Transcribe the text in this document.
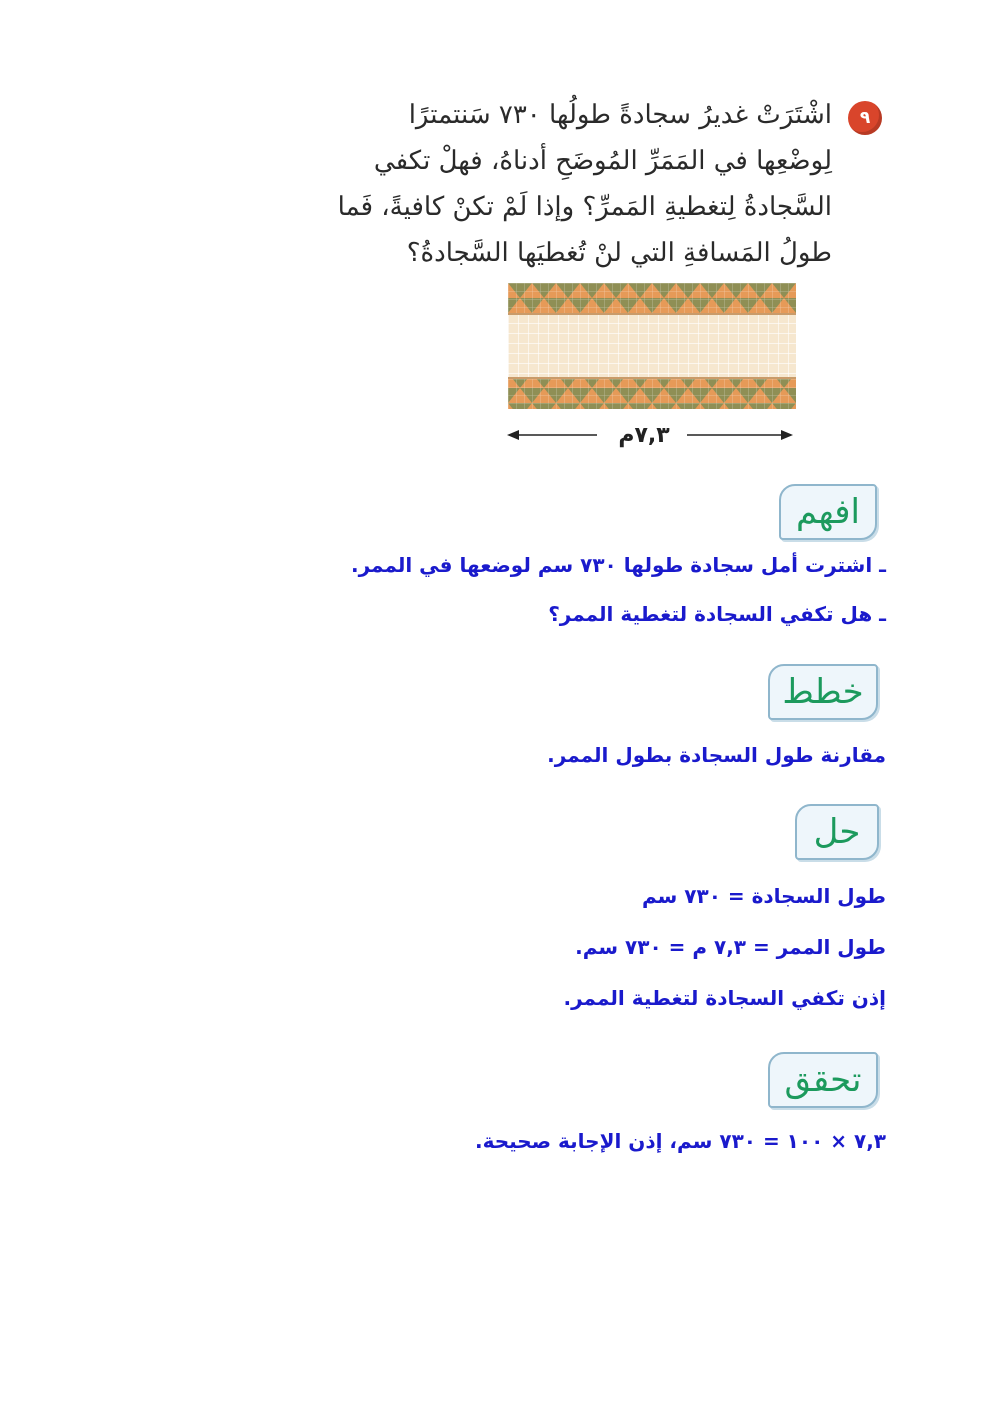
٩
اشْتَرَتْ غديرُ سجادةً طولُها ٧٣٠ سَنتمترًا
لِوضْعِها في المَمَرِّ المُوضَحِ أدناهُ، فهلْ تكفي
السَّجادةُ لِتغطيةِ المَمرِّ؟ وإذا لَمْ تكنْ كافيةً، فَما
طولُ المَسافةِ التي لنْ تُغطيَها السَّجادةُ؟
٧,٣م
افهم
ـ اشترت أمل سجادة طولها ٧٣٠ سم لوضعها في الممر.
ـ هل تكفي السجادة لتغطية الممر؟
خطط
مقارنة طول السجادة بطول الممر.
حل
طول السجادة = ٧٣٠ سم
طول الممر = ٧,٣ م = ٧٣٠ سم.
إذن تكفي السجادة لتغطية الممر.
تحقق
٧,٣ × ١٠٠ = ٧٣٠ سم، إذن الإجابة صحيحة.
